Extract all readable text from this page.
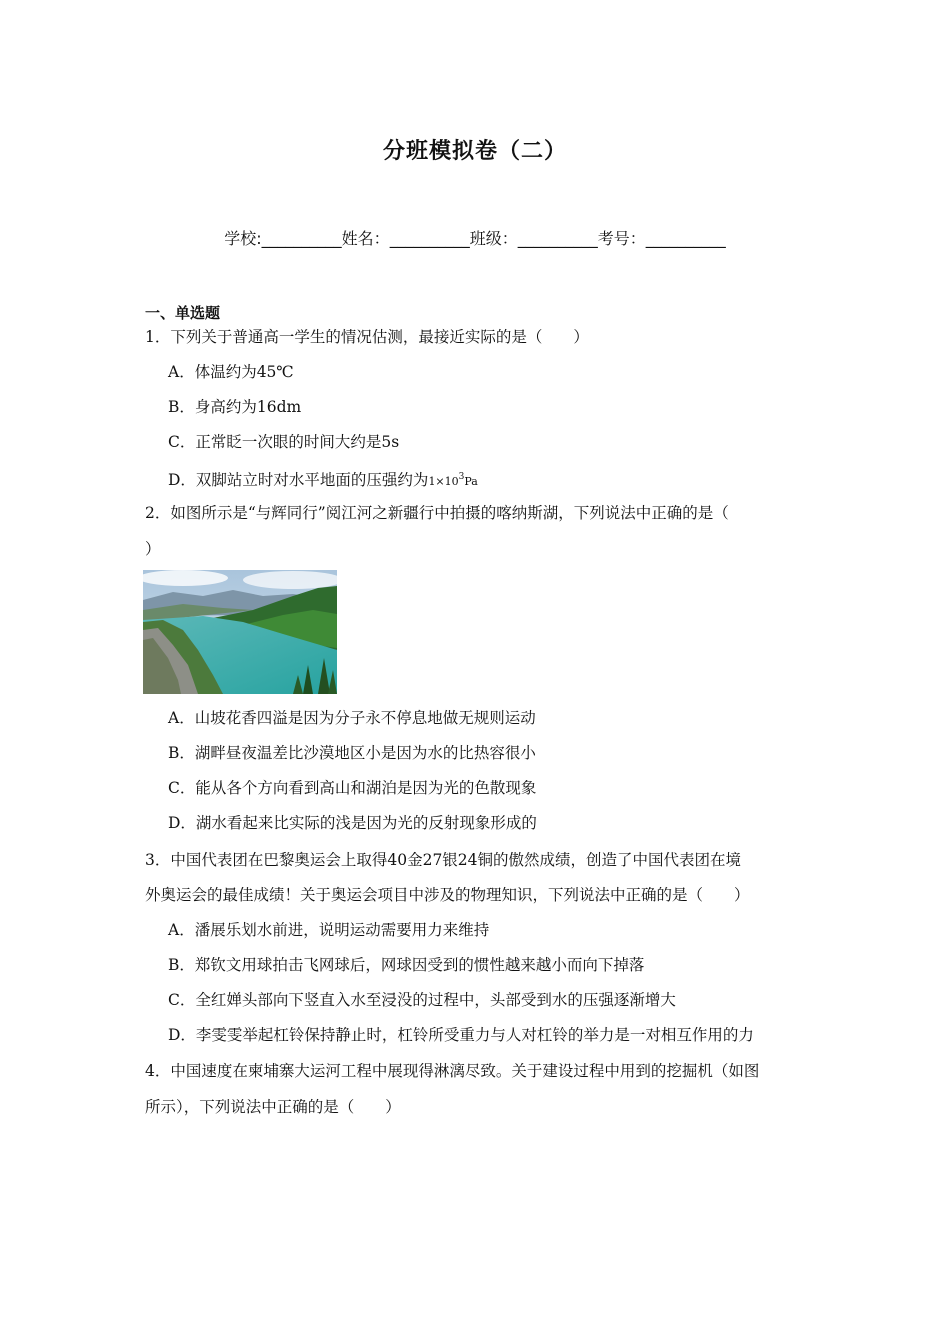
分班模拟卷（二）
学校:__________姓名：__________班级：__________考号：__________
一、单选题
1．下列关于普通高一学生的情况估测，最接近实际的是（　　）
A．体温约为45℃
B．身高约为16dm
C．正常眨一次眼的时间大约是5s
D．双脚站立时对水平地面的压强约为$1\times 10^3Pa$
2．如图所示是“与辉同行”阅江河之新疆行中拍摄的喀纳斯湖，下列说法中正确的是（
）
A．山坡花香四溢是因为分子永不停息地做无规则运动
B．湖畔昼夜温差比沙漠地区小是因为水的比热容很小
C．能从各个方向看到高山和湖泊是因为光的色散现象
D．湖水看起来比实际的浅是因为光的反射现象形成的
3．中国代表团在巴黎奥运会上取得40金27银24铜的傲然成绩，创造了中国代表团在境
外奥运会的最佳成绩！关于奥运会项目中涉及的物理知识，下列说法中正确的是（　　）
A．潘展乐划水前进，说明运动需要用力来维持
B．郑钦文用球拍击飞网球后，网球因受到的惯性越来越小而向下掉落
C．全红婵头部向下竖直入水至浸没的过程中，头部受到水的压强逐渐增大
D．李雯雯举起杠铃保持静止时，杠铃所受重力与人对杠铃的举力是一对相互作用的力
4．中国速度在柬埔寨大运河工程中展现得淋漓尽致。关于建设过程中用到的挖掘机（如图
所示），下列说法中正确的是（　　）
